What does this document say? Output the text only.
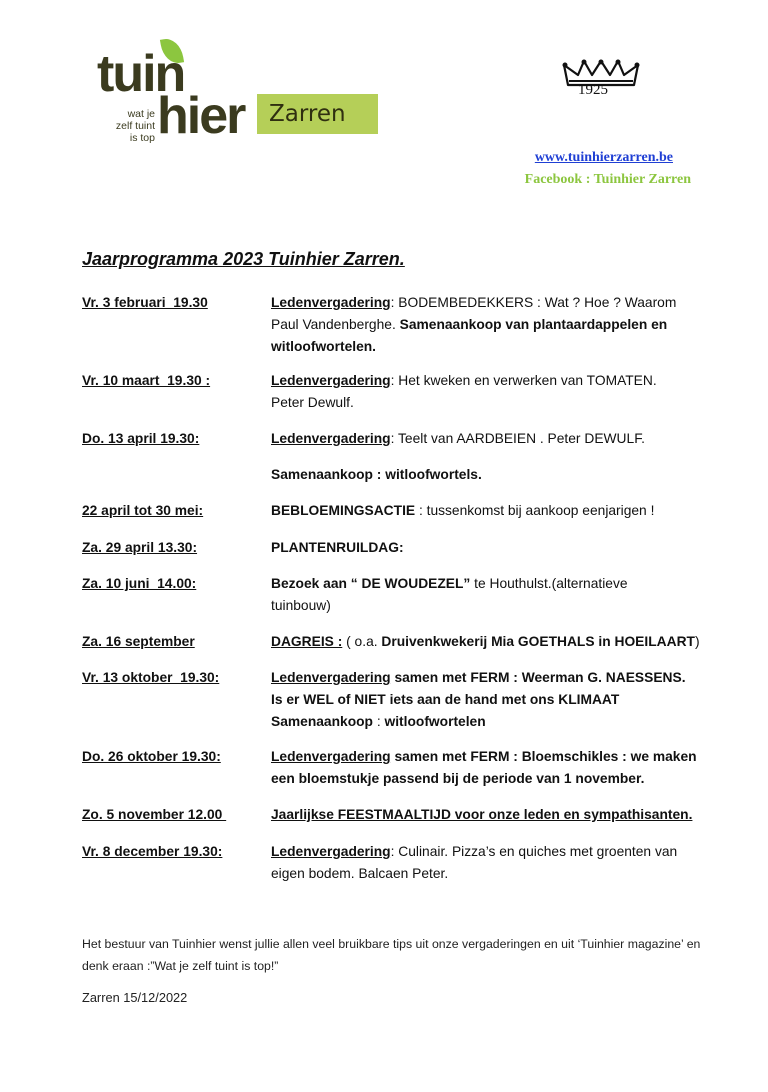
tuin
hier
wat je
zelf tuint
is top
Zarren
1925
www.tuinhierzarren.be
Facebook : Tuinhier Zarren
Jaarprogramma 2023 Tuinhier Zarren.
Vr. 3 februari  19.30	Ledenvergadering: BODEMBEDEKKERS : Wat ? Hoe ? Waarom

Paul Vandenberghe. Samenaankoop van plantaardappelen en

witloofwortelen.

Vr. 10 maart  19.30 :	Ledenvergadering: Het kweken en verwerken van TOMATEN.

Peter Dewulf.

Do. 13 april 19.30:	Ledenvergadering: Teelt van AARDBEIEN . Peter DEWULF.

Samenaankoop : witloofwortels.

22 april tot 30 mei:	BEBLOEMINGSACTIE : tussenkomst bij aankoop eenjarigen !

Za. 29 april 13.30:	PLANTENRUILDAG:

Za. 10 juni  14.00:	Bezoek aan “ DE WOUDEZEL” te Houthulst.(alternatieve

tuinbouw)

Za. 16 september	DAGREIS : ( o.a. Druivenkwekerij Mia GOETHALS in HOEILAART)

Vr. 13 oktober  19.30:	Ledenvergadering samen met FERM : Weerman G. NAESSENS.

Is er WEL of NIET iets aan de hand met ons KLIMAAT

Samenaankoop : witloofwortelen

Do. 26 oktober 19.30:	Ledenvergadering samen met FERM : Bloemschikles : we maken

een bloemstukje passend bij de periode van 1 november.

Zo. 5 november 12.00	Jaarlijkse FEESTMAALTIJD voor onze leden en sympathisanten.

Vr. 8 december 19.30:	Ledenvergadering: Culinair. Pizza’s en quiches met groenten van

eigen bodem. Balcaen Peter.

Het bestuur van Tuinhier wenst jullie allen veel bruikbare tips uit onze vergaderingen en uit ‘Tuinhier magazine’ en denk eraan :”Wat je zelf tuint is top!”
Zarren 15/12/2022
